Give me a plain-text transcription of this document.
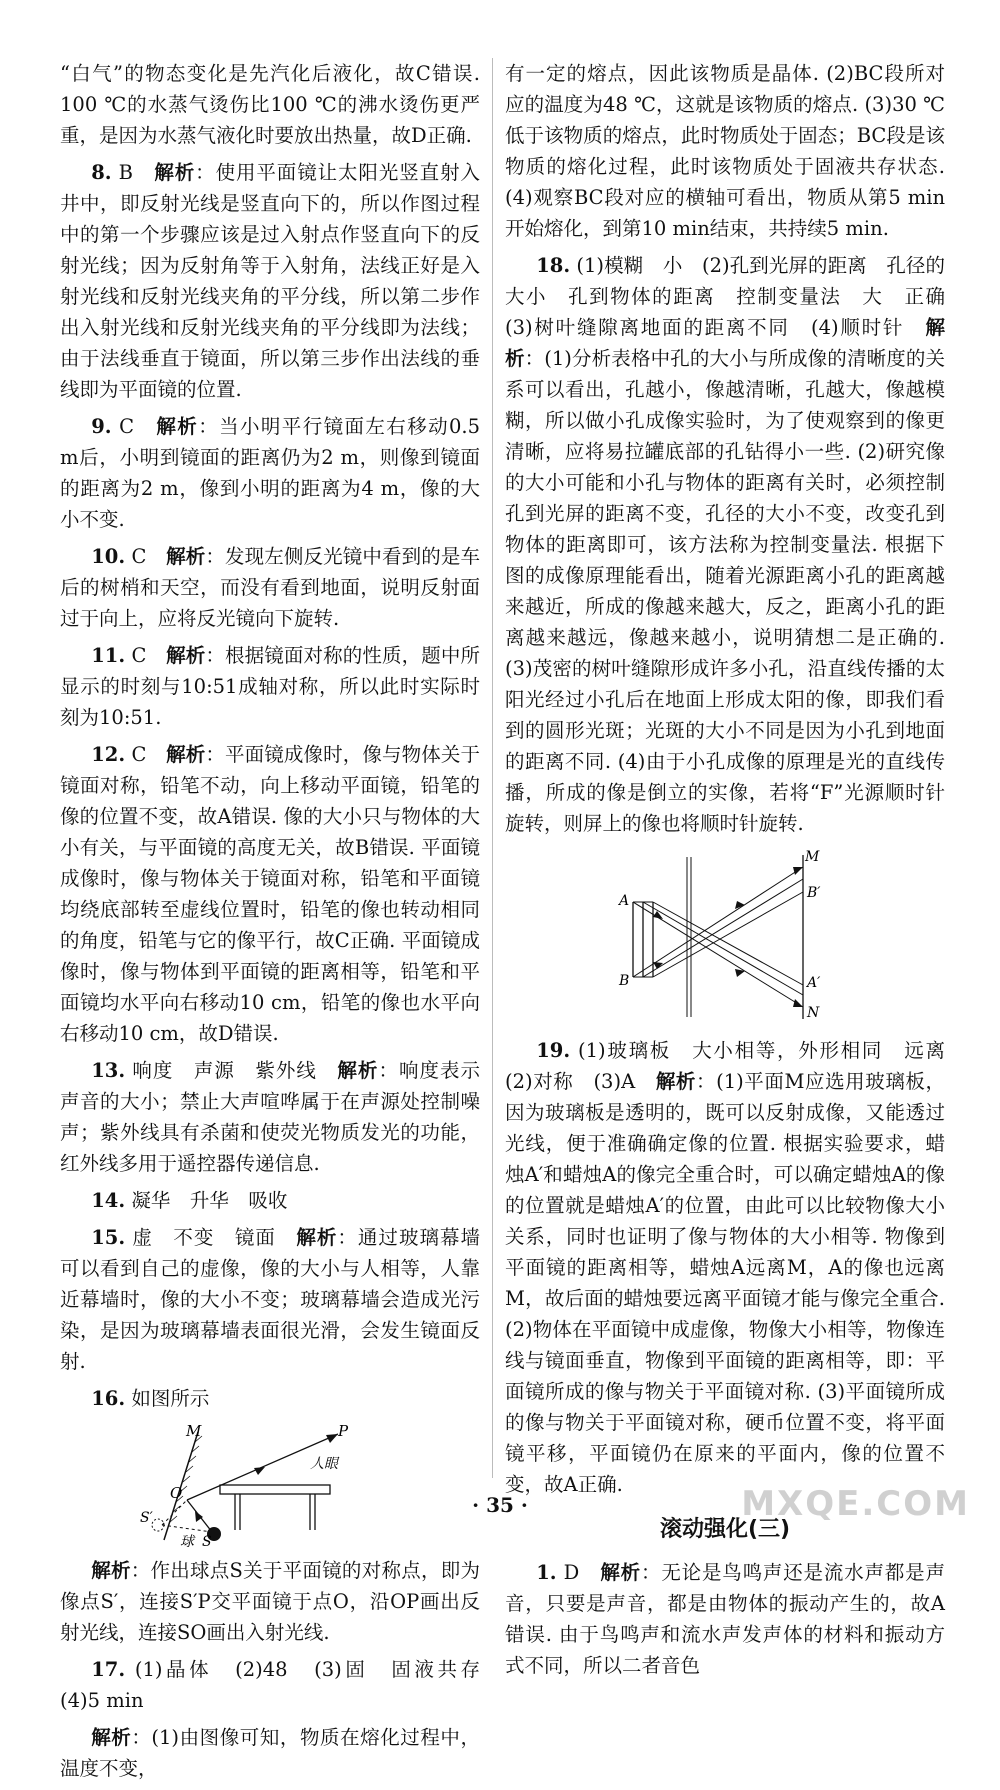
“白气”的物态变化是先汽化后液化，故C错误. 100 ℃的水蒸气烫伤比100 ℃的沸水烫伤更严重，是因为水蒸气液化时要放出热量，故D正确.

8. B　 解析：使用平面镜让太阳光竖直射入井中，即反射光线是竖直向下的，所以作图过程中的第一个步骤应该是过入射点作竖直向下的反射光线；因为反射角等于入射角，法线正好是入射光线和反射光线夹角的平分线，所以第二步作出入射光线和反射光线夹角的平分线即为法线；由于法线垂直于镜面，所以第三步作出法线的垂线即为平面镜的位置.

9. C　 解析：当小明平行镜面左右移动0.5 m后，小明到镜面的距离仍为2 m，则像到镜面的距离为2 m，像到小明的距离为4 m，像的大小不变.

10. C　 解析：发现左侧反光镜中看到的是车后的树梢和天空，而没有看到地面，说明反射面过于向上，应将反光镜向下旋转.

11. C　 解析：根据镜面对称的性质，题中所显示的时刻与10:51成轴对称，所以此时实际时刻为10:51.

12. C　 解析：平面镜成像时，像与物体关于镜面对称，铅笔不动，向上移动平面镜，铅笔的像的位置不变，故A错误. 像的大小只与物体的大小有关，与平面镜的高度无关，故B错误. 平面镜成像时，像与物体关于镜面对称，铅笔和平面镜均绕底部转至虚线位置时，铅笔的像也转动相同的角度，铅笔与它的像平行，故C正确. 平面镜成像时，像与物体到平面镜的距离相等，铅笔和平面镜均水平向右移动10 cm，铅笔的像也水平向右移动10 cm，故D错误.

13. 响度　声源　紫外线　 解析：响度表示声音的大小；禁止大声喧哗属于在声源处控制噪声；紫外线具有杀菌和使荧光物质发光的功能，红外线多用于遥控器传递信息.

14. 凝华　升华　吸收

15. 虚　不变　镜面　 解析：通过玻璃幕墙可以看到自己的虚像，像的大小与人相等，人靠近幕墙时，像的大小不变；玻璃幕墙会造成光污染，是因为玻璃幕墙表面很光滑，会发生镜面反射.

16. 如图所示

M	P
人眼
O
S′
S
球

解析：作出球点S关于平面镜的对称点，即为像点S′，连接S′P交平面镜于点O，沿OP画出反射光线，连接SO画出入射光线.

17. (1)晶体　(2)48　(3)固　固液共存　(4)5 min

解析：(1)由图像可知，物质在熔化过程中，温度不变，

有一定的熔点，因此该物质是晶体. (2)BC段所对应的温度为48 ℃，这就是该物质的熔点. (3)30 ℃低于该物质的熔点，此时物质处于固态；BC段是该物质的熔化过程，此时该物质处于固液共存状态. (4)观察BC段对应的横轴可看出，物质从第5 min开始熔化，到第10 min结束，共持续5 min.

18. (1)模糊　小　(2)孔到光屏的距离　孔径的大小　孔到物体的距离　控制变量法　大　正确　(3)树叶缝隙离地面的距离不同　(4)顺时针　 解析：(1)分析表格中孔的大小与所成像的清晰度的关系可以看出，孔越小，像越清晰，孔越大，像越模糊，所以做小孔成像实验时，为了使观察到的像更清晰，应将易拉罐底部的孔钻得小一些. (2)研究像的大小可能和小孔与物体的距离有关时，必须控制孔到光屏的距离不变，孔径的大小不变，改变孔到物体的距离即可，该方法称为控制变量法. 根据下图的成像原理能看出，随着光源距离小孔的距离越来越近，所成的像越来越大，反之，距离小孔的距离越来越远，像越来越小，说明猜想二是正确的. (3)茂密的树叶缝隙形成许多小孔，沿直线传播的太阳光经过小孔后在地面上形成太阳的像，即我们看到的圆形光斑；光斑的大小不同是因为小孔到地面的距离不同. (4)由于小孔成像的原理是光的直线传播，所成的像是倒立的实像，若将“F”光源顺时针旋转，则屏上的像也将顺时针旋转.

M
A
B
B′
A′
N

19. (1)玻璃板　大小相等，外形相同　远离　(2)对称　(3)A　 解析：(1)平面M应选用玻璃板，因为玻璃板是透明的，既可以反射成像，又能透过光线，便于准确确定像的位置. 根据实验要求，蜡烛A′和蜡烛A的像完全重合时，可以确定蜡烛A的像的位置就是蜡烛A′的位置，由此可以比较物像大小关系，同时也证明了像与物体的大小相等. 物像到平面镜的距离相等，蜡烛A远离M，A的像也远离M，故后面的蜡烛要远离平面镜才能与像完全重合. (2)物体在平面镜中成虚像，物像大小相等，物像连线与镜面垂直，物像到平面镜的距离相等，即：平面镜所成的像与物关于平面镜对称. (3)平面镜所成的像与物关于平面镜对称，硬币位置不变，将平面镜平移，平面镜仍在原来的平面内，像的位置不变，故A正确.

滚动强化(三)

1. D　 解析：无论是鸟鸣声还是流水声都是声音，只要是声音，都是由物体的振动产生的，故A错误. 由于鸟鸣声和流水声发声体的材料和振动方式不同，所以二者音色

· 35 ·	MXQE.COM
